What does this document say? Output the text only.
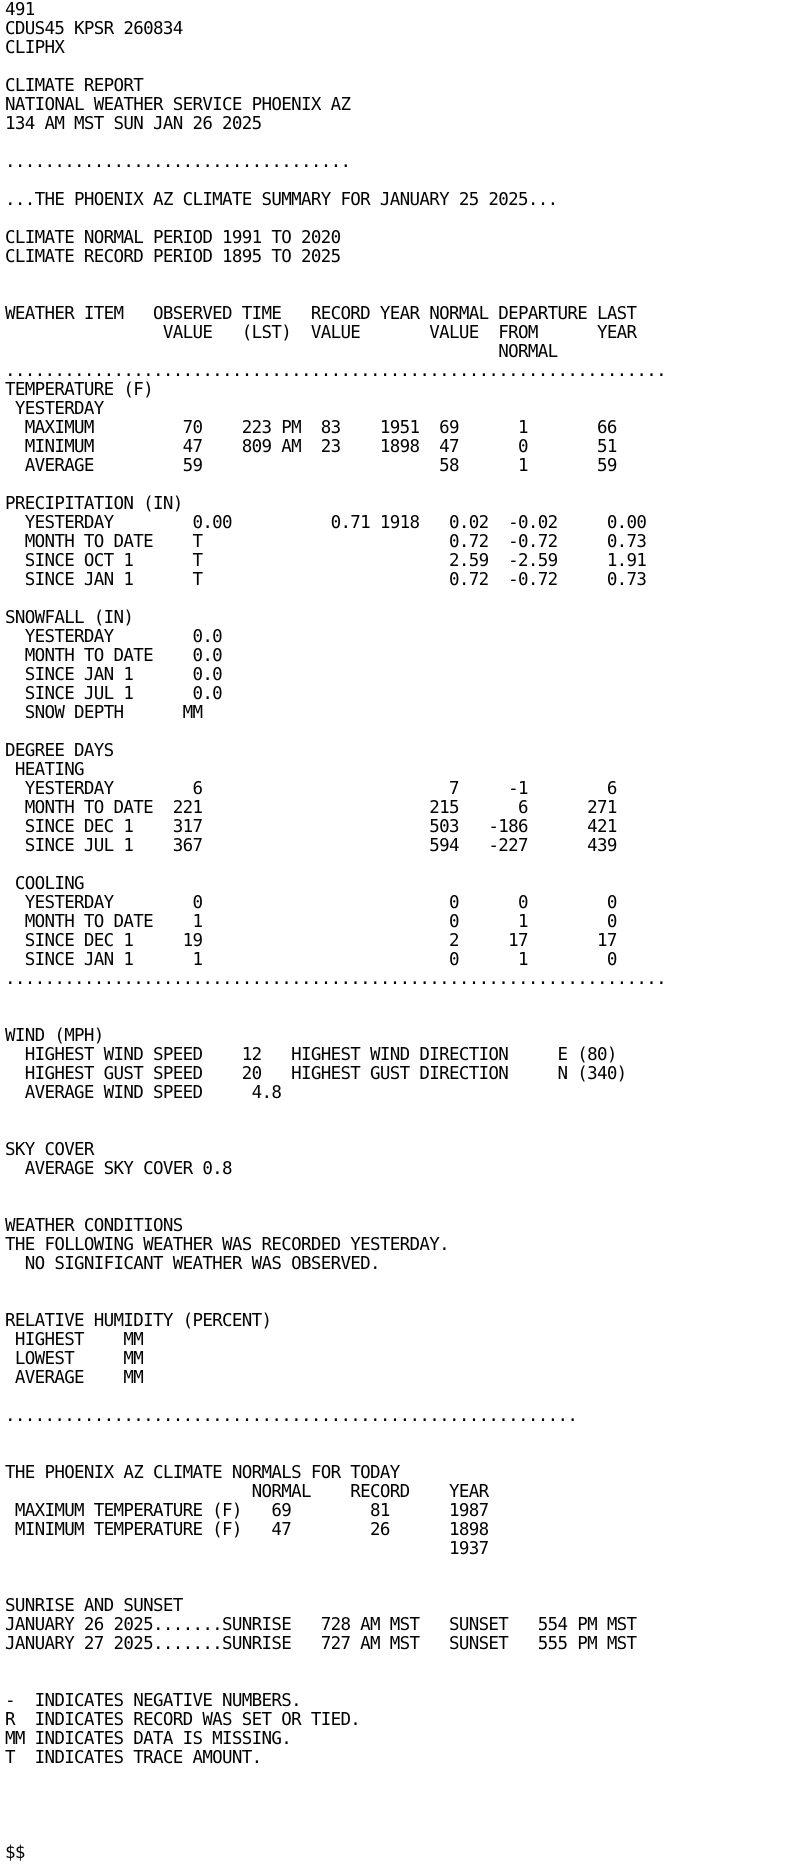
491
CDUS45 KPSR 260834
CLIPHX
CLIMATE REPORT
NATIONAL WEATHER SERVICE PHOENIX AZ
134 AM MST SUN JAN 26 2025
...................................
...THE PHOENIX AZ CLIMATE SUMMARY FOR JANUARY 25 2025...
CLIMATE NORMAL PERIOD 1991 TO 2020
CLIMATE RECORD PERIOD 1895 TO 2025
WEATHER ITEM   OBSERVED TIME   RECORD YEAR NORMAL DEPARTURE LAST
VALUE   (LST)  VALUE       VALUE  FROM      YEAR
NORMAL
...................................................................
TEMPERATURE (F)
YESTERDAY
MAXIMUM         70    223 PM  83    1951  69      1       66
MINIMUM         47    809 AM  23    1898  47      0       51
AVERAGE         59                        58      1       59
PRECIPITATION (IN)
YESTERDAY        0.00          0.71 1918   0.02  -0.02     0.00
MONTH TO DATE    T                         0.72  -0.72     0.73
SINCE OCT 1      T                         2.59  -2.59     1.91
SINCE JAN 1      T                         0.72  -0.72     0.73
SNOWFALL (IN)
YESTERDAY        0.0
MONTH TO DATE    0.0
SINCE JAN 1      0.0
SINCE JUL 1      0.0
SNOW DEPTH      MM
DEGREE DAYS
HEATING
YESTERDAY        6                         7     -1        6
MONTH TO DATE  221                       215      6      271
SINCE DEC 1    317                       503   -186      421
SINCE JUL 1    367                       594   -227      439
COOLING
YESTERDAY        0                         0      0        0
MONTH TO DATE    1                         0      1        0
SINCE DEC 1     19                         2     17       17
SINCE JAN 1      1                         0      1        0
...................................................................
WIND (MPH)
HIGHEST WIND SPEED    12   HIGHEST WIND DIRECTION     E (80)
HIGHEST GUST SPEED    20   HIGHEST GUST DIRECTION     N (340)
AVERAGE WIND SPEED     4.8
SKY COVER
AVERAGE SKY COVER 0.8
WEATHER CONDITIONS
THE FOLLOWING WEATHER WAS RECORDED YESTERDAY.
NO SIGNIFICANT WEATHER WAS OBSERVED.
RELATIVE HUMIDITY (PERCENT)
HIGHEST    MM
LOWEST     MM
AVERAGE    MM
..........................................................
THE PHOENIX AZ CLIMATE NORMALS FOR TODAY
NORMAL    RECORD    YEAR
MAXIMUM TEMPERATURE (F)   69        81      1987
MINIMUM TEMPERATURE (F)   47        26      1898
1937
SUNRISE AND SUNSET
JANUARY 26 2025.......SUNRISE   728 AM MST   SUNSET   554 PM MST
JANUARY 27 2025.......SUNRISE   727 AM MST   SUNSET   555 PM MST
-  INDICATES NEGATIVE NUMBERS.
R  INDICATES RECORD WAS SET OR TIED.
MM INDICATES DATA IS MISSING.
T  INDICATES TRACE AMOUNT.
$$
